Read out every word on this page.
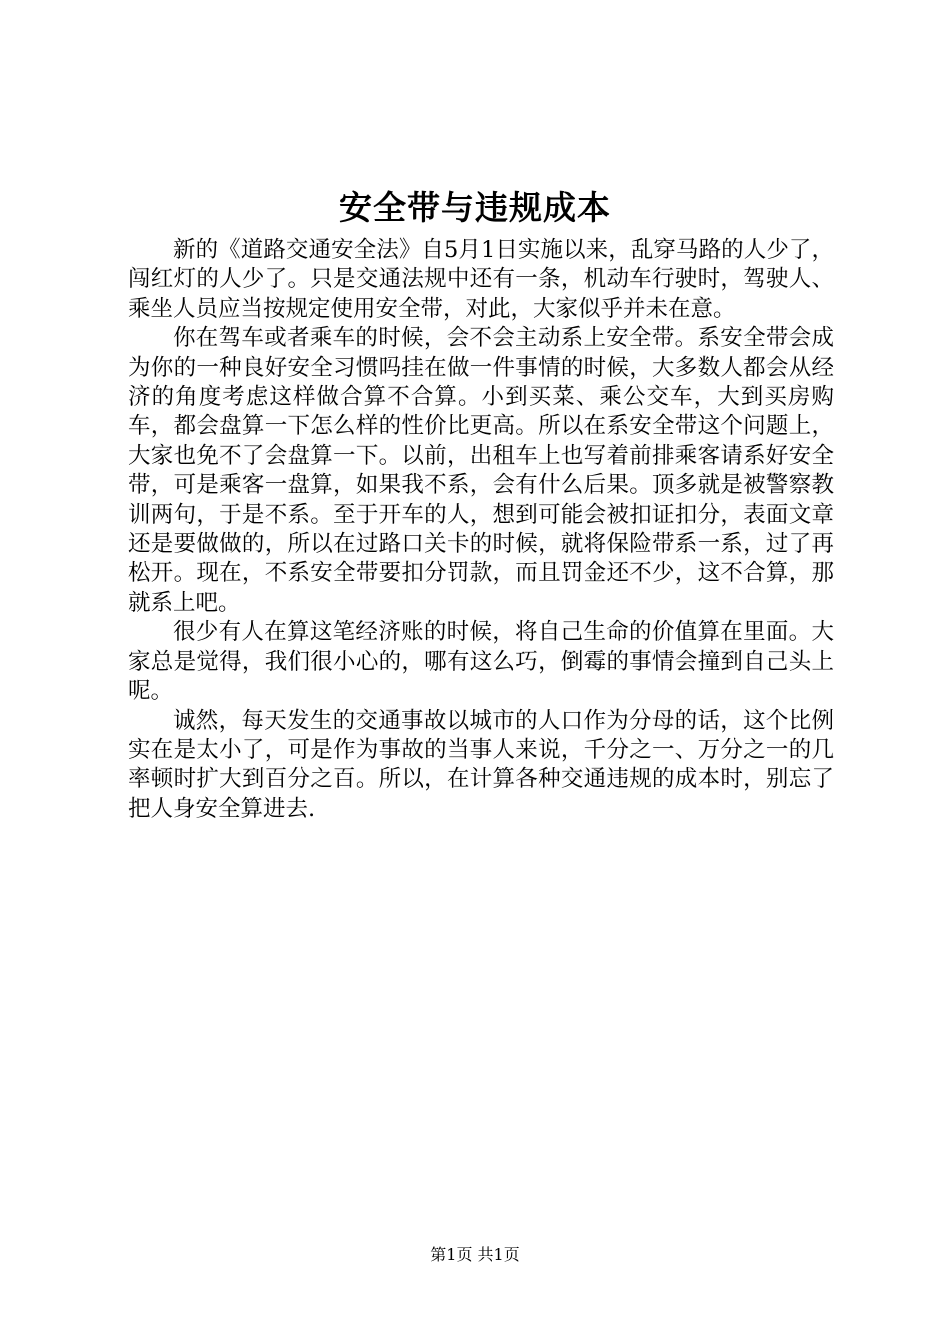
安全带与违规成本

新的《道路交通安全法》自5月1日实施以来，乱穿马路的人少了，闯红灯的人少了。只是交通法规中还有一条，机动车行驶时，驾驶人、乘坐人员应当按规定使用安全带，对此，大家似乎并未在意。

你在驾车或者乘车的时候，会不会主动系上安全带。系安全带会成为你的一种良好安全习惯吗挂在做一件事情的时候，大多数人都会从经济的角度考虑这样做合算不合算。小到买菜、乘公交车，大到买房购车，都会盘算一下怎么样的性价比更高。所以在系安全带这个问题上，大家也免不了会盘算一下。以前，出租车上也写着前排乘客请系好安全带，可是乘客一盘算，如果我不系，会有什么后果。顶多就是被警察教训两句，于是不系。至于开车的人，想到可能会被扣证扣分，表面文章还是要做做的，所以在过路口关卡的时候，就将保险带系一系，过了再松开。现在，不系安全带要扣分罚款，而且罚金还不少，这不合算，那就系上吧。

很少有人在算这笔经济账的时候，将自己生命的价值算在里面。大家总是觉得，我们很小心的，哪有这么巧，倒霉的事情会撞到自己头上呢。

诚然，每天发生的交通事故以城市的人口作为分母的话，这个比例实在是太小了，可是作为事故的当事人来说，千分之一、万分之一的几率顿时扩大到百分之百。所以，在计算各种交通违规的成本时，别忘了把人身安全算进去.

第1页 共1页
